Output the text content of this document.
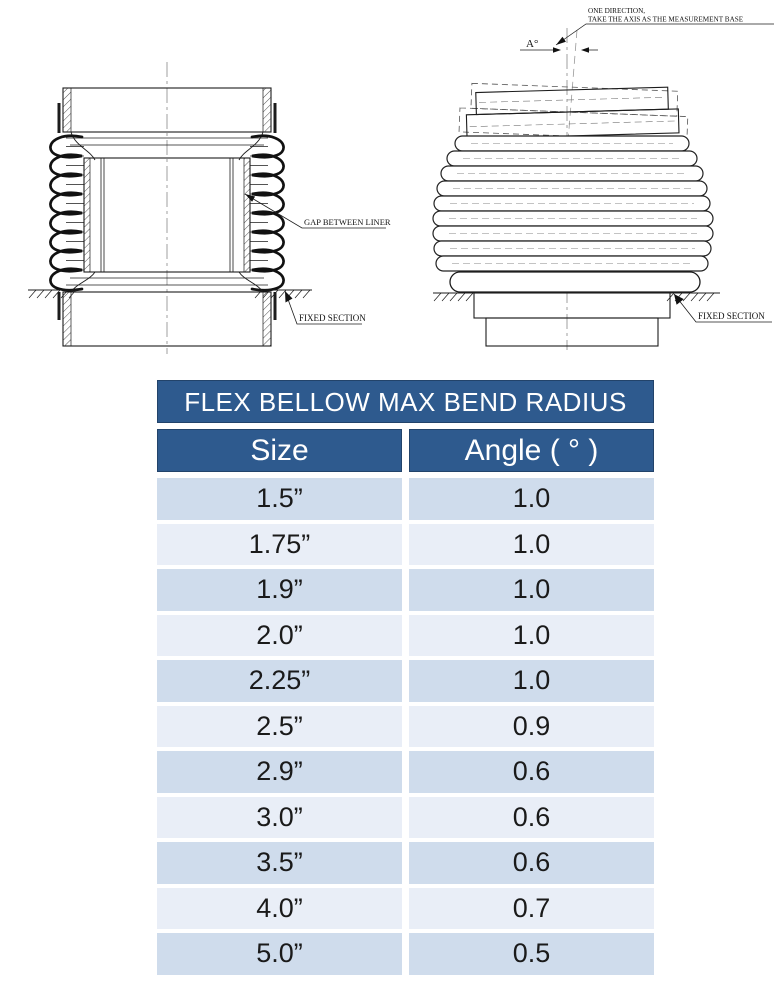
GAP BETWEEN LINER
FIXED SECTION
ONE DIRECTION,
TAKE THE AXIS AS THE MEASUREMENT BASE
A°
FIXED SECTION
FLEX BELLOW MAX BEND RADIUS
Size	Angle ( ° )
1.5”	1.0
1.75”	1.0
1.9”	1.0
2.0”	1.0
2.25”	1.0
2.5”	0.9
2.9”	0.6
3.0”	0.6
3.5”	0.6
4.0”	0.7
5.0”	0.5
